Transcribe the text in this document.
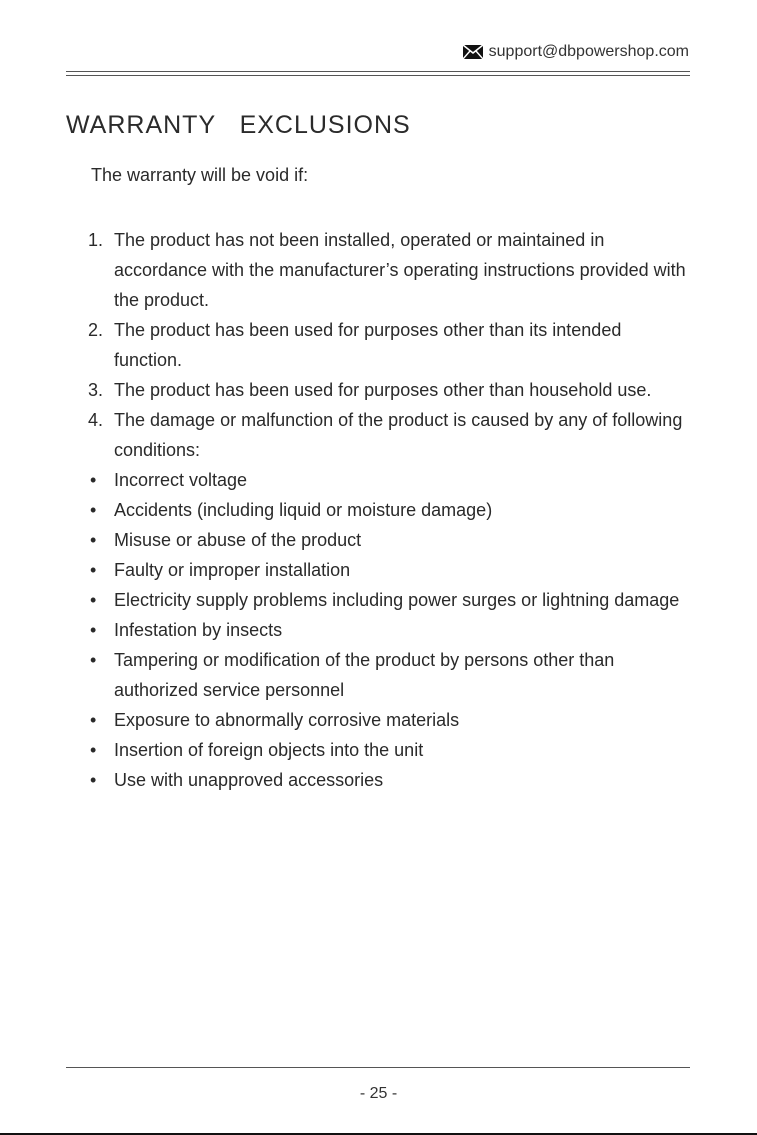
support@dbpowershop.com
WARRANTY  EXCLUSIONS

The warranty will be void if:

1. The product has not been installed, operated or maintained in accordance with the manufacturer’s operating instructions provided with the product.
2. The product has been used for purposes other than its intended function.
3. The product has been used for purposes other than household use.
4. The damage or malfunction of the product is caused by any of following conditions:
• Incorrect voltage
• Accidents (including liquid or moisture damage)
• Misuse or abuse of the product
• Faulty or improper installation
• Electricity supply problems including power surges or lightning damage
• Infestation by insects
• Tampering or modification of the product by persons other than authorized service personnel
• Exposure to abnormally corrosive materials
• Insertion of foreign objects into the unit
• Use with unapproved accessories
- 25 -
